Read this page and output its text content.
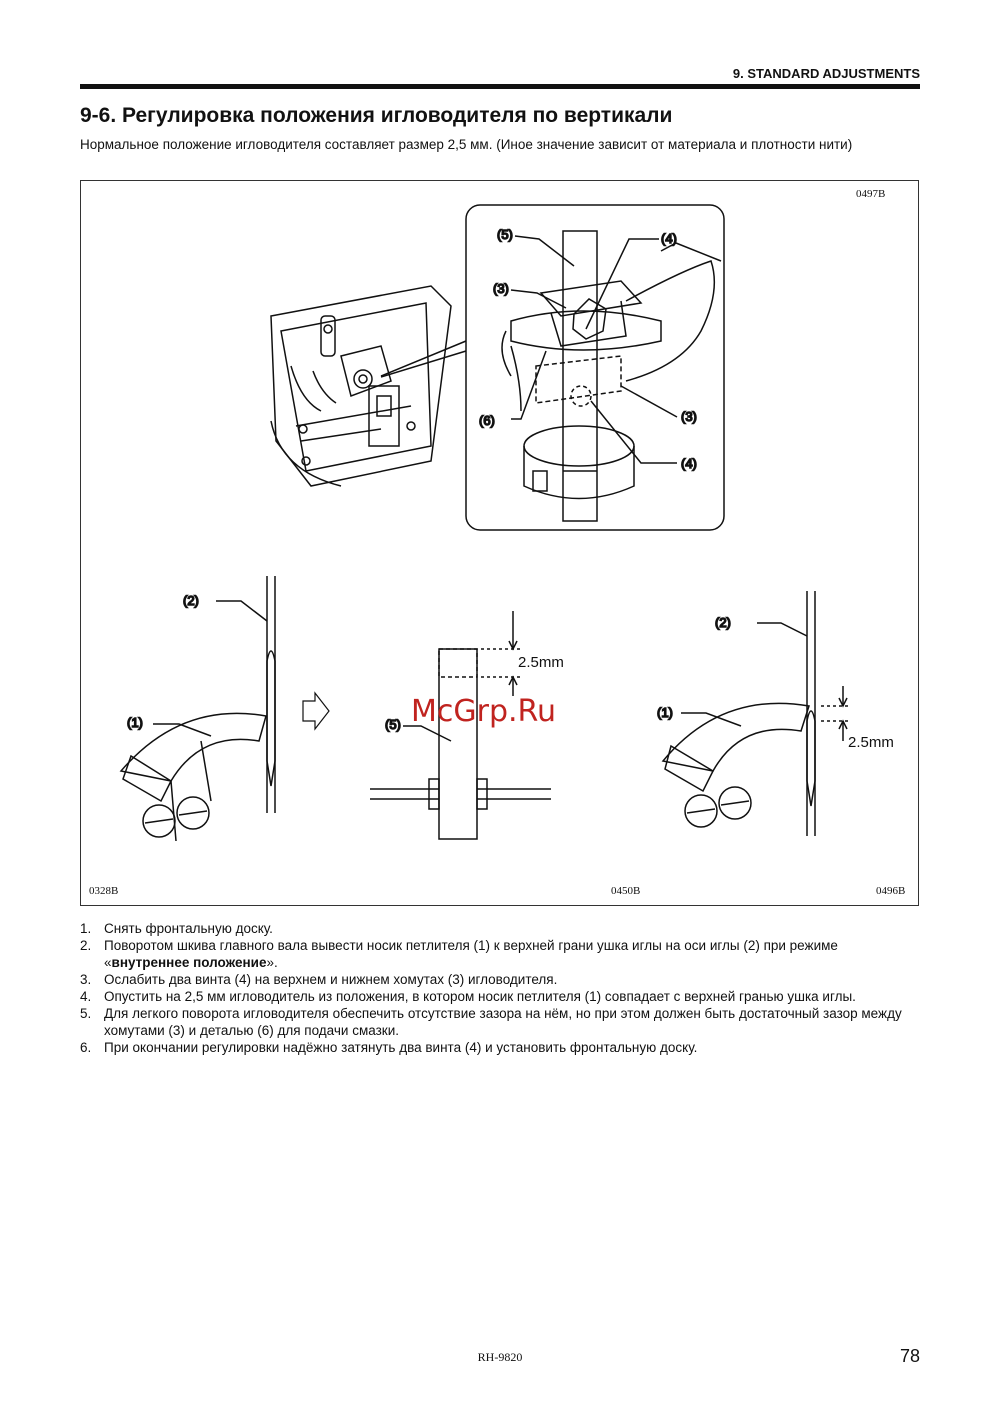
9. STANDARD ADJUSTMENTS
9-6. Регулировка положения игловодителя по вертикали
Нормальное положение игловодителя составляет размер 2,5 мм. (Иное значение зависит от материала и плотности нити)
(5)	(4)
(3)
(3)
(6)
(4)
(2)
(1)	(5)
(2)
(1)
2.5mm
2.5mm
McGrp.Ru
0497B
0328B	0450B	0496B
1. Снять фронтальную доску.
2. Поворотом шкива главного вала вывести носик петлителя (1) к верхней грани ушка иглы на оси иглы (2) при режиме «внутреннее положение».
3. Ослабить два винта (4) на верхнем и нижнем хомутах (3) игловодителя.
4. Опустить на 2,5 мм игловодитель из положения, в котором носик петлителя (1) совпадает с верхней гранью ушка иглы.
5. Для легкого поворота игловодителя обеспечить отсутствие зазора на нём, но при этом должен быть достаточный зазор между хомутами (3) и деталью (6) для подачи смазки.
6. При окончании регулировки надёжно затянуть два винта (4) и установить фронтальную доску.
RH-9820	78
